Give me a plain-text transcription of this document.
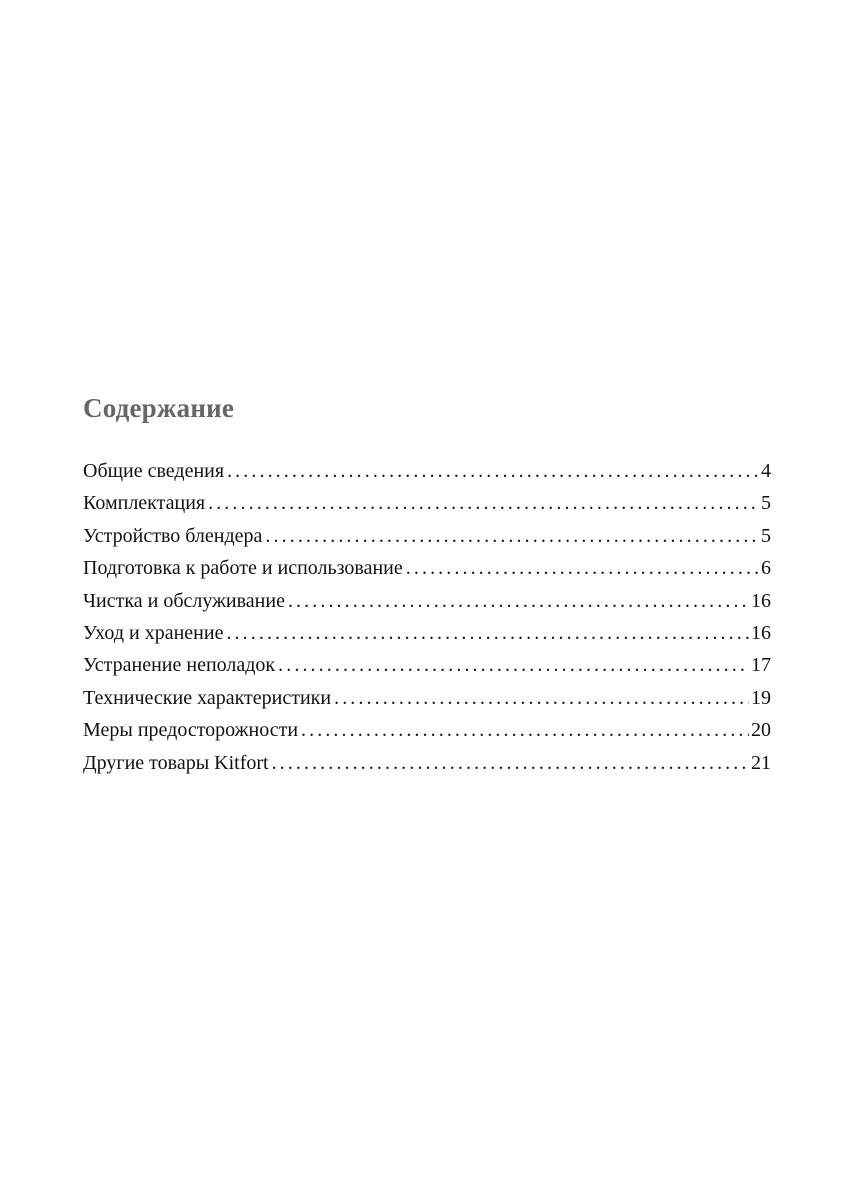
Содержание
Общие сведения . . .	4
Комплектация . . .	5
Устройство блендера . . .	5
Подготовка к работе и использование . . .	6
Чистка и обслуживание . . .	16
Уход и хранение . . .	16
Устранение неполадок . . .	17
Технические характеристики . . .	19
Меры предосторожности . . .	20
Другие товары Kitfort . . .	21
